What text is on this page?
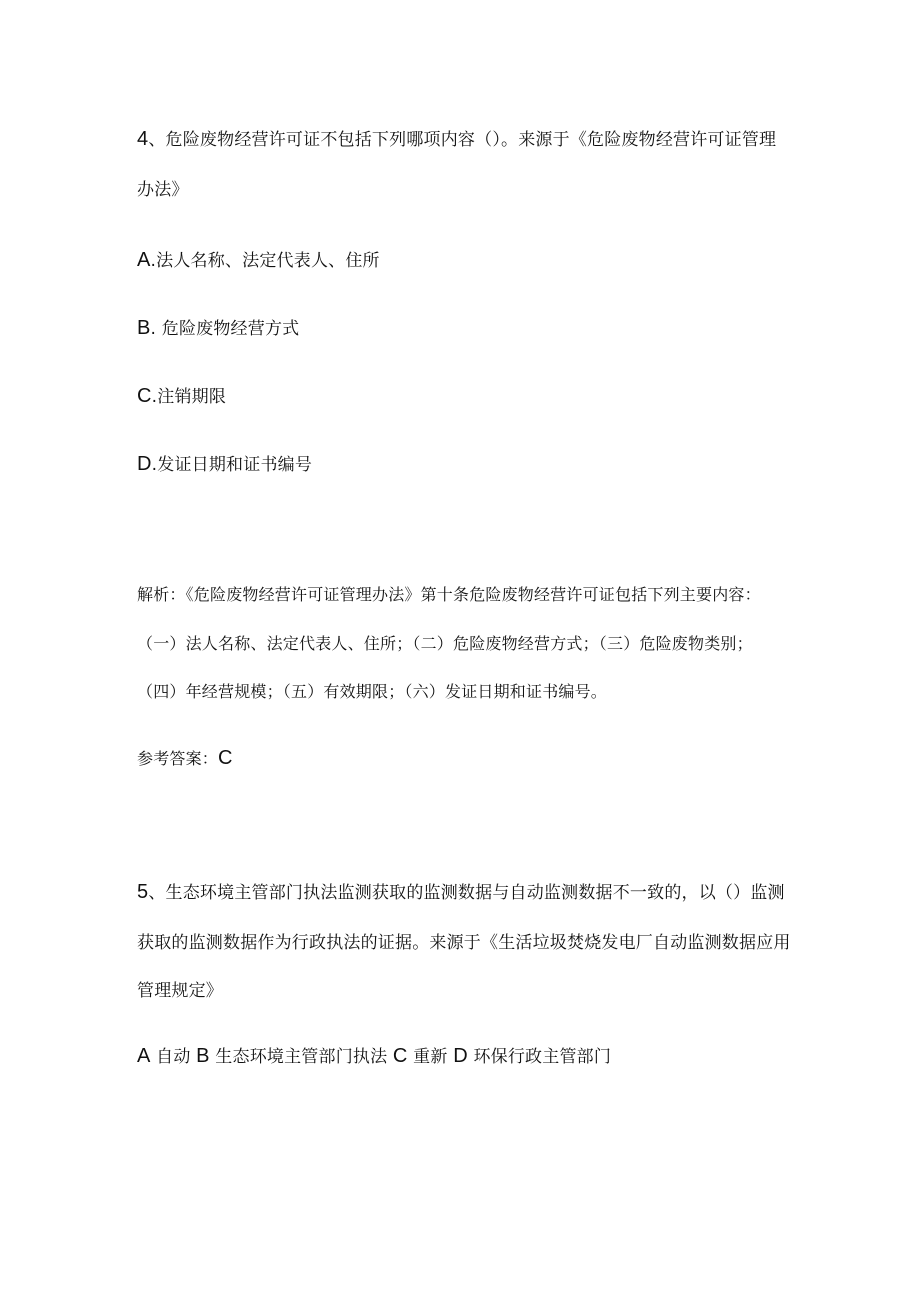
4、危险废物经营许可证不包括下列哪项内容（）。来源于《危险废物经营许可证管理
办法》
A.法人名称、法定代表人、住所
B. 危险废物经营方式
C.注销期限
D.发证日期和证书编号
解析：《危险废物经营许可证管理办法》第十条危险废物经营许可证包括下列主要内容：
（一）法人名称、法定代表人、住所；（二）危险废物经营方式；（三）危险废物类别；
（四）年经营规模；（五）有效期限；（六）发证日期和证书编号。
参考答案：C
5、生态环境主管部门执法监测获取的监测数据与自动监测数据不一致的，以（）监测
获取的监测数据作为行政执法的证据。来源于《生活垃圾焚烧发电厂自动监测数据应用
管理规定》
A 自动 B 生态环境主管部门执法 C 重新 D 环保行政主管部门
